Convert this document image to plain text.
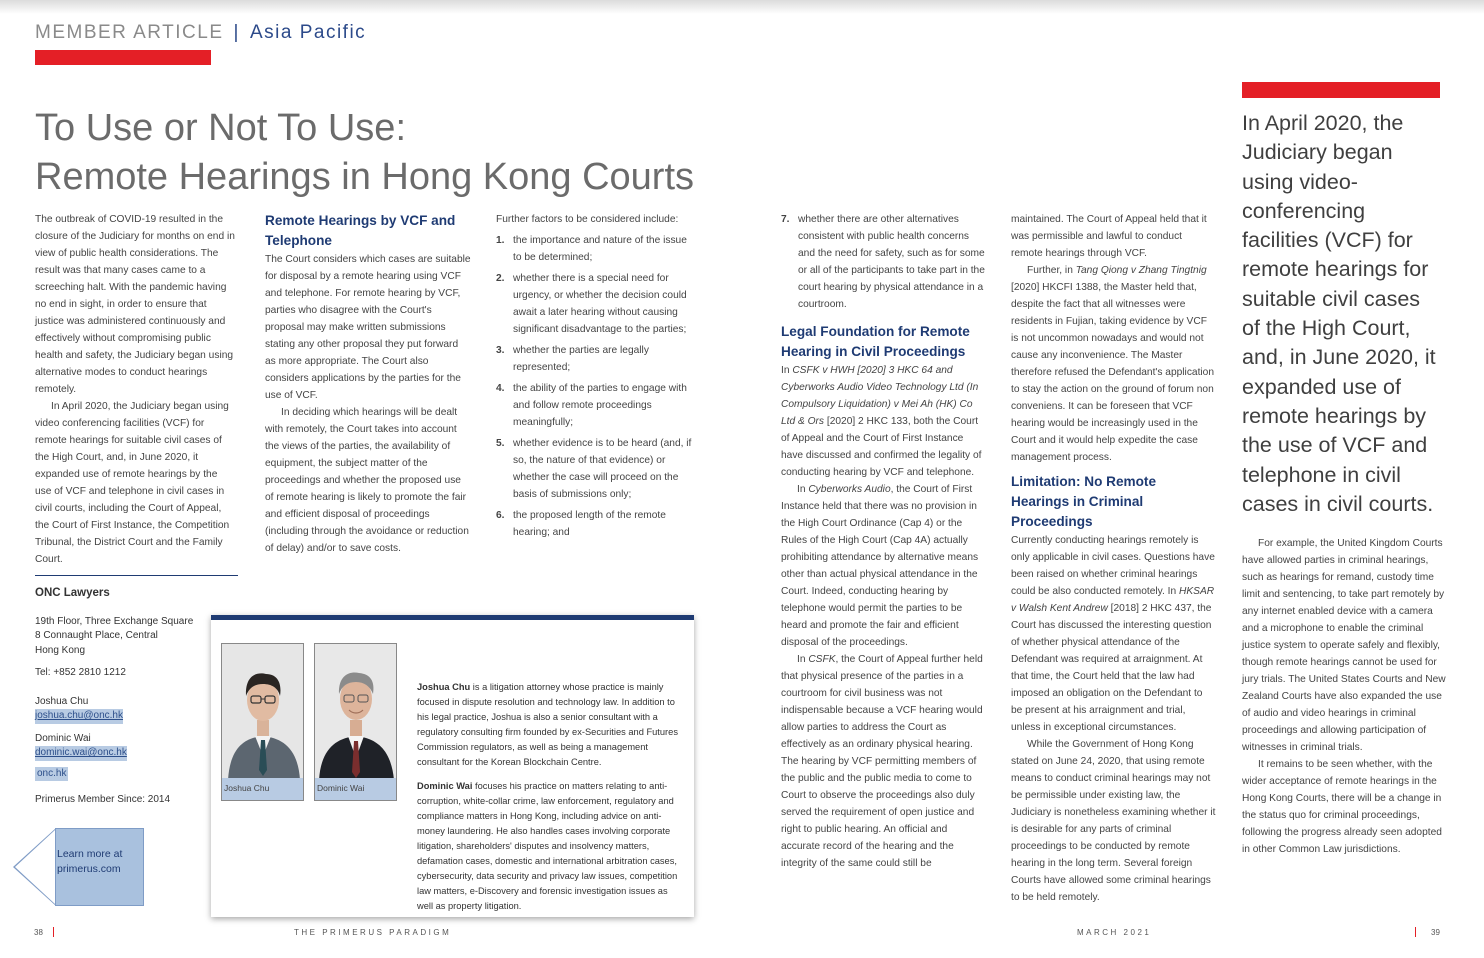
MEMBER ARTICLE | Asia Pacific
To Use or Not To Use:
Remote Hearings in Hong Kong Courts

The outbreak of COVID-19 resulted in the closure of the Judiciary for months on end in view of public health considerations. The result was that many cases came to a screeching halt. With the pandemic having no end in sight, in order to ensure that justice was administered continuously and effectively without compromising public health and safety, the Judiciary began using alternative modes to conduct hearings remotely.

In April 2020, the Judiciary began using video conferencing facilities (VCF) for remote hearings for suitable civil cases of the High Court, and, in June 2020, it expanded use of remote hearings by the use of VCF and telephone in civil cases in civil courts, including the Court of Appeal, the Court of First Instance, the Competition Tribunal, the District Court and the Family Court.

Remote Hearings by VCF and Telephone

The Court considers which cases are suitable for disposal by a remote hearing using VCF and telephone. For remote hearing by VCF, parties who disagree with the Court's proposal may make written submissions stating any other proposal they put forward as more appropriate. The Court also considers applications by the parties for the use of VCF.

In deciding which hearings will be dealt with remotely, the Court takes into account the views of the parties, the availability of equipment, the subject matter of the proceedings and whether the proposed use of remote hearing is likely to promote the fair and efficient disposal of proceedings (including through the avoidance or reduction of delay) and/or to save costs.

Further factors to be considered include:

1. the importance and nature of the issue to be determined;
2. whether there is a special need for urgency, or whether the decision could await a later hearing without causing significant disadvantage to the parties;
3. whether the parties are legally represented;
4. the ability of the parties to engage with and follow remote proceedings meaningfully;
5. whether evidence is to be heard (and, if so, the nature of that evidence) or whether the case will proceed on the basis of submissions only;
6. the proposed length of the remote hearing; and
7. whether there are other alternatives consistent with public health concerns and the need for safety, such as for some or all of the participants to take part in the court hearing by physical attendance in a courtroom.
Legal Foundation for Remote Hearing in Civil Proceedings

In CSFK v HWH [2020] 3 HKC 64 and Cyberworks Audio Video Technology Ltd (In Compulsory Liquidation) v Mei Ah (HK) Co Ltd & Ors [2020] 2 HKC 133, both the Court of Appeal and the Court of First Instance have discussed and confirmed the legality of conducting hearing by VCF and telephone.

In Cyberworks Audio, the Court of First Instance held that there was no provision in the High Court Ordinance (Cap 4) or the Rules of the High Court (Cap 4A) actually prohibiting attendance by alternative means other than actual physical attendance in the Court. Indeed, conducting hearing by telephone would permit the parties to be heard and promote the fair and efficient disposal of the proceedings.

In CSFK, the Court of Appeal further held that physical presence of the parties in a courtroom for civil business was not indispensable because a VCF hearing would allow parties to address the Court as effectively as an ordinary physical hearing. The hearing by VCF permitting members of the public and the public media to come to Court to observe the proceedings also duly served the requirement of open justice and right to public hearing. An official and accurate record of the hearing and the integrity of the same could still be

maintained. The Court of Appeal held that it was permissible and lawful to conduct remote hearings through VCF.

Further, in Tang Qiong v Zhang Tingtnig [2020] HKCFI 1388, the Master held that, despite the fact that all witnesses were residents in Fujian, taking evidence by VCF is not uncommon nowadays and would not cause any inconvenience. The Master therefore refused the Defendant's application to stay the action on the ground of forum non conveniens. It can be foreseen that VCF hearing would be increasingly used in the Court and it would help expedite the case management process.

Limitation: No Remote Hearings in Criminal Proceedings

Currently conducting hearings remotely is only applicable in civil cases. Questions have been raised on whether criminal hearings could be also conducted remotely. In HKSAR v Walsh Kent Andrew [2018] 2 HKC 437, the Court has discussed the interesting question of whether physical attendance of the Defendant was required at arraignment. At that time, the Court held that the law had imposed an obligation on the Defendant to be present at his arraignment and trial, unless in exceptional circumstances.

While the Government of Hong Kong stated on June 24, 2020, that using remote means to conduct criminal hearings may not be permissible under existing law, the Judiciary is nonetheless examining whether it is desirable for any parts of criminal proceedings to be conducted by remote hearing in the long term. Several foreign Courts have allowed some criminal hearings to be held remotely.

In April 2020, the Judiciary began using video-conferencing facilities (VCF) for remote hearings for suitable civil cases of the High Court, and, in June 2020, it expanded use of remote hearings by the use of VCF and telephone in civil cases in civil courts.

For example, the United Kingdom Courts have allowed parties in criminal hearings, such as hearings for remand, custody time limit and sentencing, to take part remotely by any internet enabled device with a camera and a microphone to enable the criminal justice system to operate safely and flexibly, though remote hearings cannot be used for jury trials. The United States Courts and New Zealand Courts have also expanded the use of audio and video hearings in criminal proceedings and allowing participation of witnesses in criminal trials.

It remains to be seen whether, with the wider acceptance of remote hearings in the Hong Kong Courts, there will be a change in the status quo for criminal proceedings, following the progress already seen adopted in other Common Law jurisdictions.

ONC Lawyers
19th Floor, Three Exchange Square
8 Connaught Place, Central
Hong Kong
Tel: +852 2810 1212
Joshua Chu
joshua.chu@onc.hk
Dominic Wai
dominic.wai@onc.hk
onc.hk
Primerus Member Since: 2014
Learn more at
primerus.com
Joshua Chu	Dominic Wai

Joshua Chu is a litigation attorney whose practice is mainly focused in dispute resolution and technology law. In addition to his legal practice, Joshua is also a senior consultant with a regulatory consulting firm founded by ex-Securities and Futures Commission regulators, as well as being a management consultant for the Korean Blockchain Centre.

Dominic Wai focuses his practice on matters relating to anti-corruption, white-collar crime, law enforcement, regulatory and compliance matters in Hong Kong, including advice on anti-money laundering. He also handles cases involving corporate litigation, shareholders' disputes and insolvency matters, defamation cases, domestic and international arbitration cases, cybersecurity, data security and privacy law issues, competition law matters, e-Discovery and forensic investigation issues as well as property litigation.

38	THE PRIMERUS PARADIGM	MARCH 2021	39
